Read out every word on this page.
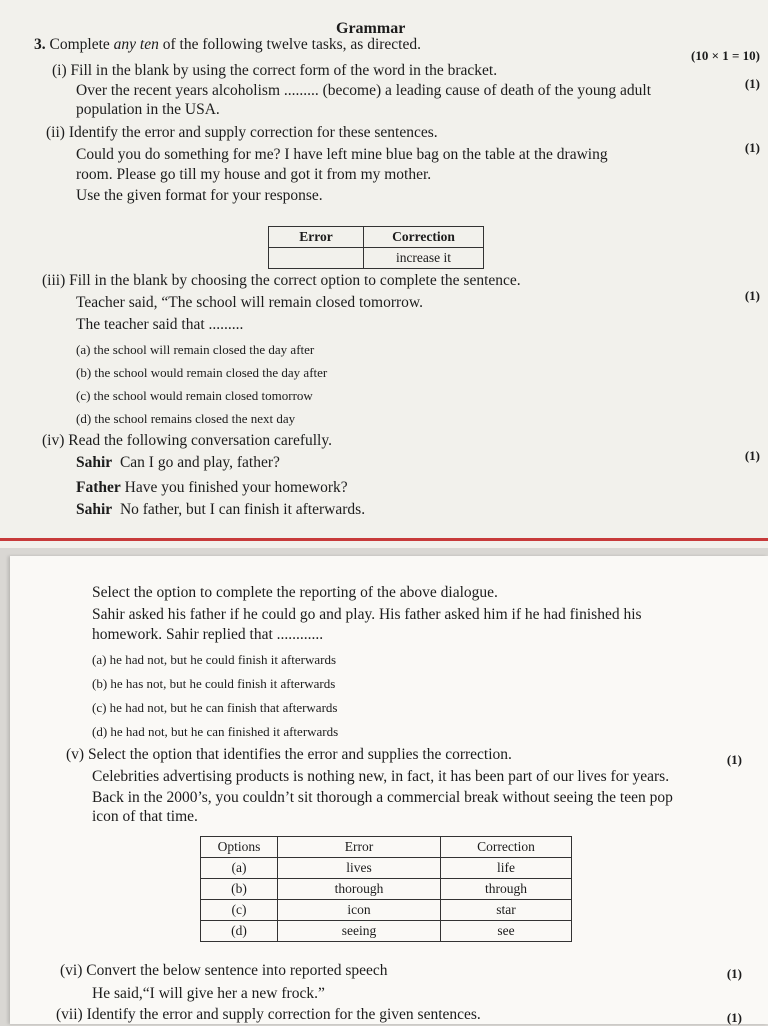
Grammar
3. Complete any ten of the following twelve tasks, as directed.
(10 × 1 = 10)
(i) Fill in the blank by using the correct form of the word in the bracket.
(1)
Over the recent years alcoholism ......... (become) a leading cause of death of the young adult
population in the USA.
(ii) Identify the error and supply correction for these sentences.
(1)
Could you do something for me? I have left mine blue bag on the table at the drawing
room. Please go till my house and got it from my mother.
Use the given format for your response.
Error	Correction
	increase it
(iii) Fill in the blank by choosing the correct option to complete the sentence.
(1)
Teacher said, “The school will remain closed tomorrow.
The teacher said that .........
(a) the school will remain closed the day after
(b) the school would remain closed the day after
(c) the school would remain closed tomorrow
(d) the school remains closed the next day
(iv) Read the following conversation carefully.
(1)
Sahir Can I go and play, father?
Father Have you finished your homework?
Sahir No father, but I can finish it afterwards.
Select the option to complete the reporting of the above dialogue.
Sahir asked his father if he could go and play. His father asked him if he had finished his
homework. Sahir replied that ............
(a) he had not, but he could finish it afterwards
(b) he has not, but he could finish it afterwards
(c) he had not, but he can finish that afterwards
(d) he had not, but he can finished it afterwards
(v) Select the option that identifies the error and supplies the correction.	(1)
Celebrities advertising products is nothing new, in fact, it has been part of our lives for years.
Back in the 2000’s, you couldn’t sit thorough a commercial break without seeing the teen pop
icon of that time.
Options	Error	Correction
(a)	lives	life
(b)	thorough	through
(c)	icon	star
(d)	seeing	see
(vi) Convert the below sentence into reported speech	(1)
He said,“I will give her a new frock.”
(vii) Identify the error and supply correction for the given sentences.	(1)
